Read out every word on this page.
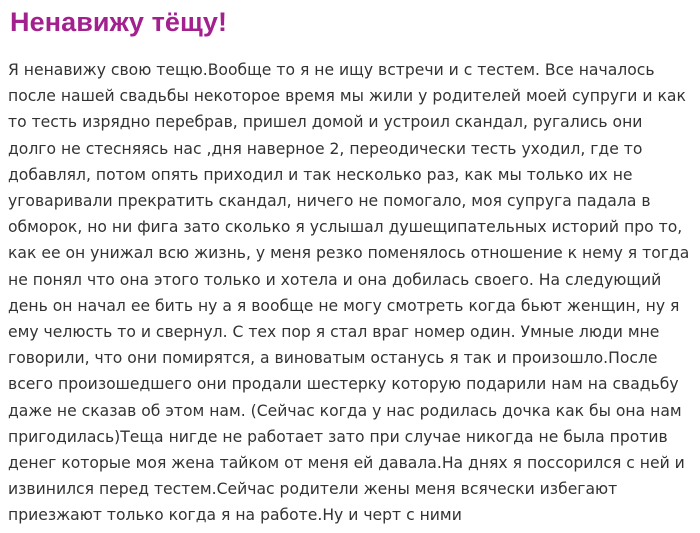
Ненавижу тёщу!

Я ненавижу свою тещю.Вообще то я не ищу встречи и с тестем. Все началось
после нашей свадьбы некоторое время мы жили у родителей моей супруги и как
то тесть изрядно перебрав, пришел домой и устроил скандал, ругались они
долго не стесняясь нас ,дня наверное 2, переодически тесть уходил, где то
добавлял, потом опять приходил и так несколько раз, как мы только их не
уговаривали прекратить скандал, ничего не помогало, моя супруга падала в
обморок, но ни фига зато сколько я услышал душещипательных историй про то,
как ее он унижал всю жизнь, у меня резко поменялось отношение к нему я тогда
не понял что она этого только и хотела и она добилась своего. На следующий
день он начал ее бить ну а я вообще не могу смотреть когда бьют женщин, ну я
ему челюсть то и свернул. С тех пор я стал враг номер один. Умные люди мне
говорили, что они помирятся, а виноватым останусь я так и произошло.После
всего произошедшего они продали шестерку которую подарили нам на свадьбу
даже не сказав об этом нам. (Сейчас когда у нас родилась дочка как бы она нам
пригодилась)Теща нигде не работает зато при случае никогда не была против
денег которые моя жена тайком от меня ей давала.На днях я поссорился с ней и
извинился перед тестем.Сейчас родители жены меня всячески избегают
приезжают только когда я на работе.Ну и черт с ними
